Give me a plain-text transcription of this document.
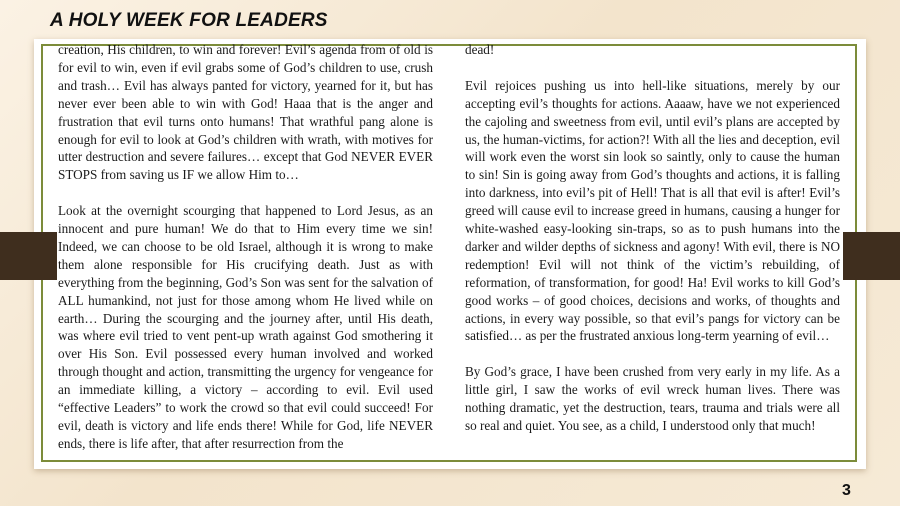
A HOLY WEEK FOR LEADERS

creation, His children, to win and forever! Evil’s agenda from of old is for evil to win, even if evil grabs some of God’s children to use, crush and trash… Evil has always panted for victory, yearned for it, but has never ever been able to win with God! Haaa that is the anger and frustration that evil turns onto humans! That wrathful pang alone is enough for evil to look at God’s children with wrath, with motives for utter destruction and severe failures… except that God NEVER EVER STOPS from saving us IF we allow Him to…

Look at the overnight scourging that happened to Lord Jesus, as an innocent and pure human! We do that to Him every time we sin! Indeed, we can choose to be old Israel, although it is wrong to make them alone responsible for His crucifying death. Just as with everything from the beginning, God’s Son was sent for the salvation of ALL humankind, not just for those among whom He lived while on earth… During the scourging and the journey after, until His death, was where evil tried to vent pent-up wrath against God smothering it over His Son. Evil possessed every human involved and worked through thought and action, transmitting the urgency for vengeance for an immediate killing, a victory – according to evil. Evil used “effective Leaders” to work the crowd so that evil could succeed! For evil, death is victory and life ends there! While for God, life NEVER ends, there is life after, that after resurrection from the

dead!

Evil rejoices pushing us into hell-like situations, merely by our accepting evil’s thoughts for actions. Aaaaw, have we not experienced the cajoling and sweetness from evil, until evil’s plans are accepted by us, the human-victims, for action?! With all the lies and deception, evil will work even the worst sin look so saintly, only to cause the human to sin! Sin is going away from God’s thoughts and actions, it is falling into darkness, into evil’s pit of Hell! That is all that evil is after! Evil’s greed will cause evil to increase greed in humans, causing a hunger for white-washed easy-looking sin-traps, so as to push humans into the darker and wilder depths of sickness and agony! With evil, there is NO redemption! Evil will not think of the victim’s rebuilding, of reformation, of transformation, for good! Ha! Evil works to kill God’s good works – of good choices, decisions and works, of thoughts and actions, in every way possible, so that evil’s pangs for victory can be satisfied… as per the frustrated anxious long-term yearning of evil…

By God’s grace, I have been crushed from very early in my life. As a little girl, I saw the works of evil wreck human lives. There was nothing dramatic, yet the destruction, tears, trauma and trials were all so real and quiet. You see, as a child, I understood only that much!

3
